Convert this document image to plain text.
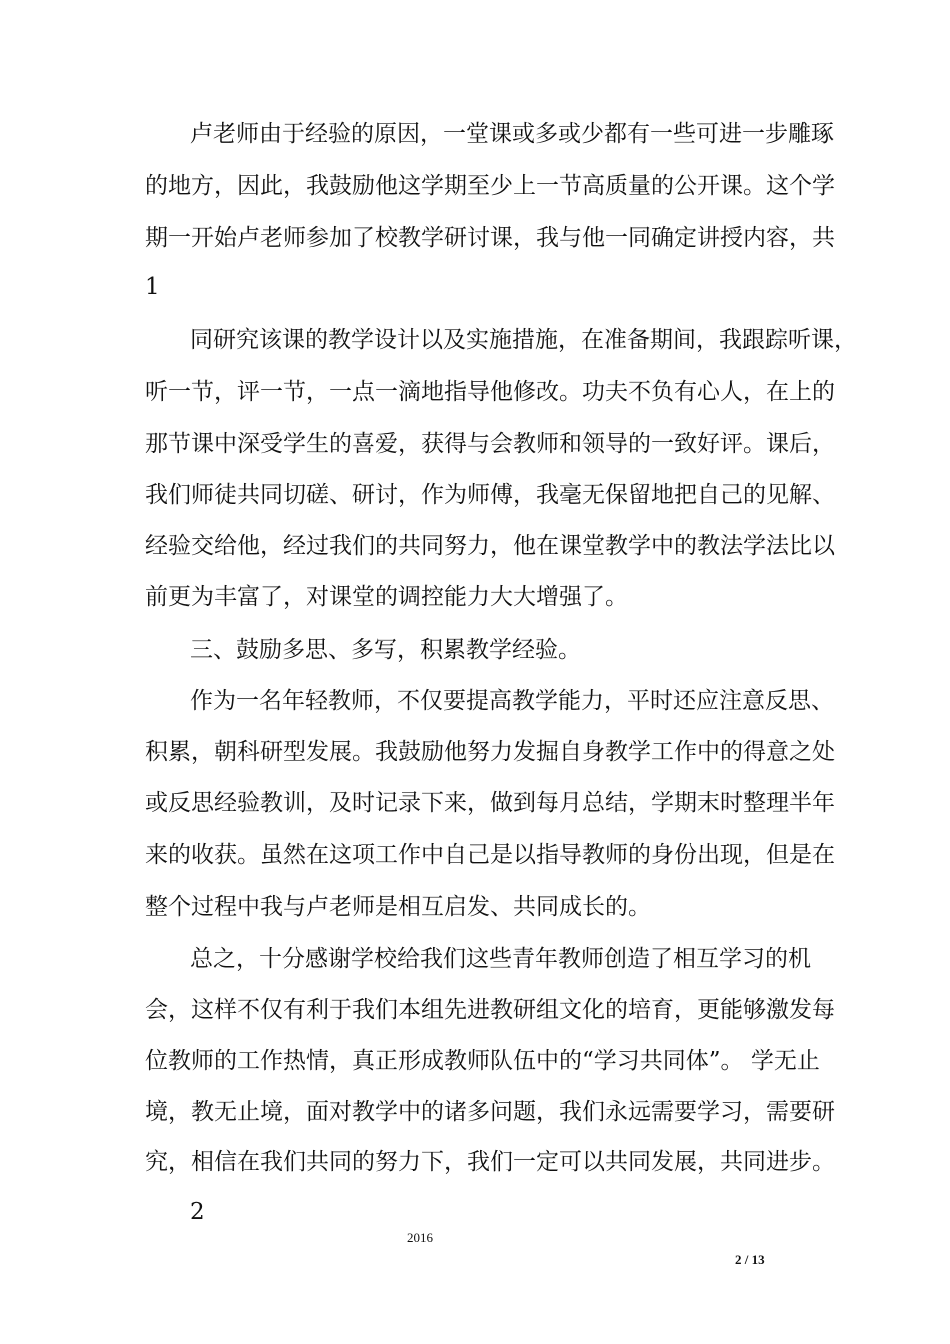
卢老师由于经验的原因，一堂课或多或少都有一些可进一步雕琢
的地方，因此，我鼓励他这学期至少上一节高质量的公开课。这个学
期一开始卢老师参加了校教学研讨课，我与他一同确定讲授内容，共
1
同研究该课的教学设计以及实施措施，在准备期间，我跟踪听课，
听一节，评一节，一点一滴地指导他修改。功夫不负有心人，在上的
那节课中深受学生的喜爱，获得与会教师和领导的一致好评。课后，
我们师徒共同切磋、研讨，作为师傅，我毫无保留地把自己的见解、
经验交给他，经过我们的共同努力，他在课堂教学中的教法学法比以
前更为丰富了，对课堂的调控能力大大增强了。
三、鼓励多思、多写，积累教学经验。
作为一名年轻教师，不仅要提高教学能力，平时还应注意反思、
积累，朝科研型发展。我鼓励他努力发掘自身教学工作中的得意之处
或反思经验教训，及时记录下来，做到每月总结，学期末时整理半年
来的收获。虽然在这项工作中自己是以指导教师的身份出现，但是在
整个过程中我与卢老师是相互启发、共同成长的。
总之，十分感谢学校给我们这些青年教师创造了相互学习的机
会，这样不仅有利于我们本组先进教研组文化的培育，更能够激发每
位教师的工作热情，真正形成教师队伍中的“学习共同体”。 学无止
境，教无止境，面对教学中的诸多问题，我们永远需要学习，需要研
究，相信在我们共同的努力下，我们一定可以共同发展，共同进步。
2
2016
2 / 13
